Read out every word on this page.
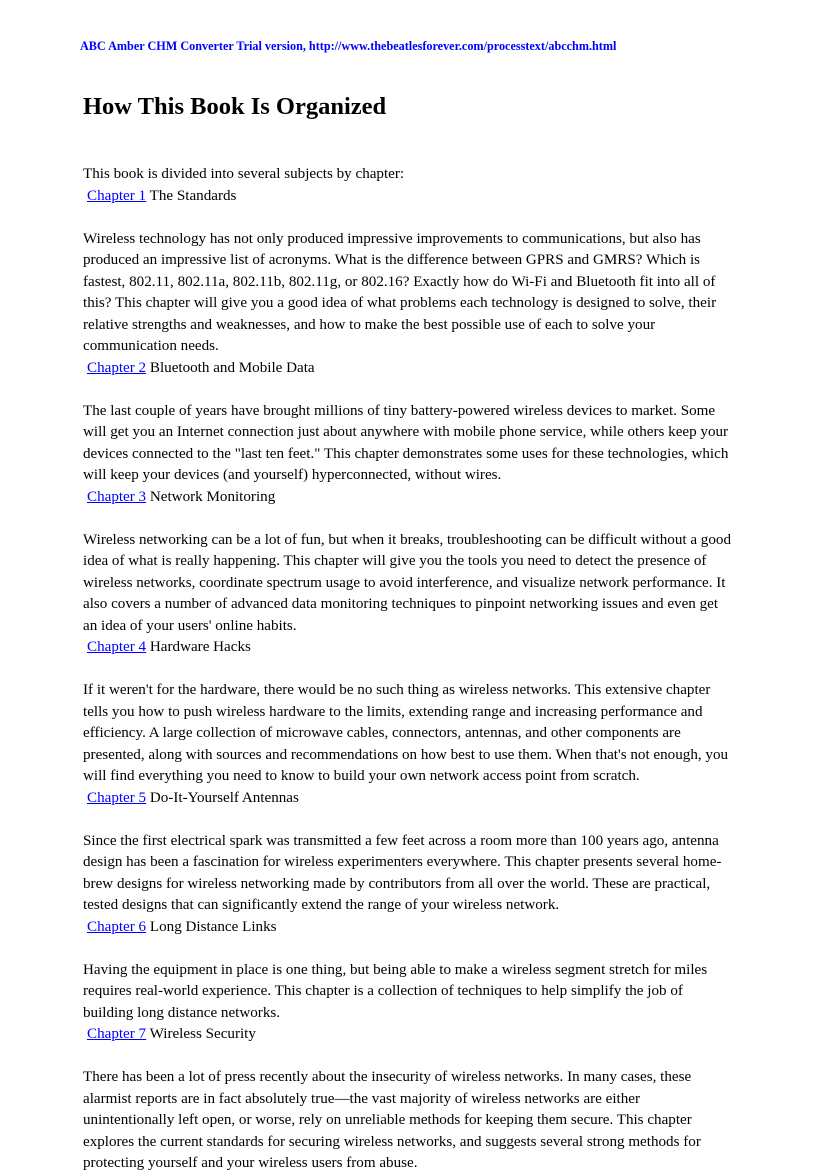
ABC Amber CHM Converter Trial version, http://www.thebeatlesforever.com/processtext/abcchm.html
How This Book Is Organized

This book is divided into several subjects by chapter:

Chapter 1 The Standards

Wireless technology has not only produced impressive improvements to communications, but also has produced an impressive list of acronyms. What is the difference between GPRS and GMRS? Which is fastest, 802.11, 802.11a, 802.11b, 802.11g, or 802.16? Exactly how do Wi-Fi and Bluetooth fit into all of this? This chapter will give you a good idea of what problems each technology is designed to solve, their relative strengths and weaknesses, and how to make the best possible use of each to solve your communication needs.

Chapter 2 Bluetooth and Mobile Data

The last couple of years have brought millions of tiny battery-powered wireless devices to market. Some will get you an Internet connection just about anywhere with mobile phone service, while others keep your devices connected to the "last ten feet." This chapter demonstrates some uses for these technologies, which will keep your devices (and yourself) hyperconnected, without wires.

Chapter 3 Network Monitoring

Wireless networking can be a lot of fun, but when it breaks, troubleshooting can be difficult without a good idea of what is really happening. This chapter will give you the tools you need to detect the presence of wireless networks, coordinate spectrum usage to avoid interference, and visualize network performance. It also covers a number of advanced data monitoring techniques to pinpoint networking issues and even get an idea of your users' online habits.

Chapter 4 Hardware Hacks

If it weren't for the hardware, there would be no such thing as wireless networks. This extensive chapter tells you how to push wireless hardware to the limits, extending range and increasing performance and efficiency. A large collection of microwave cables, connectors, antennas, and other components are presented, along with sources and recommendations on how best to use them. When that's not enough, you will find everything you need to know to build your own network access point from scratch.

Chapter 5 Do-It-Yourself Antennas

Since the first electrical spark was transmitted a few feet across a room more than 100 years ago, antenna design has been a fascination for wireless experimenters everywhere. This chapter presents several home-brew designs for wireless networking made by contributors from all over the world. These are practical, tested designs that can significantly extend the range of your wireless network.

Chapter 6 Long Distance Links

Having the equipment in place is one thing, but being able to make a wireless segment stretch for miles requires real-world experience. This chapter is a collection of techniques to help simplify the job of building long distance networks.

Chapter 7 Wireless Security

There has been a lot of press recently about the insecurity of wireless networks. In many cases, these alarmist reports are in fact absolutely true—the vast majority of wireless networks are either unintentionally left open, or worse, rely on unreliable methods for keeping them secure. This chapter explores the current standards for securing wireless networks, and suggests several strong methods for protecting yourself and your wireless users from abuse.
